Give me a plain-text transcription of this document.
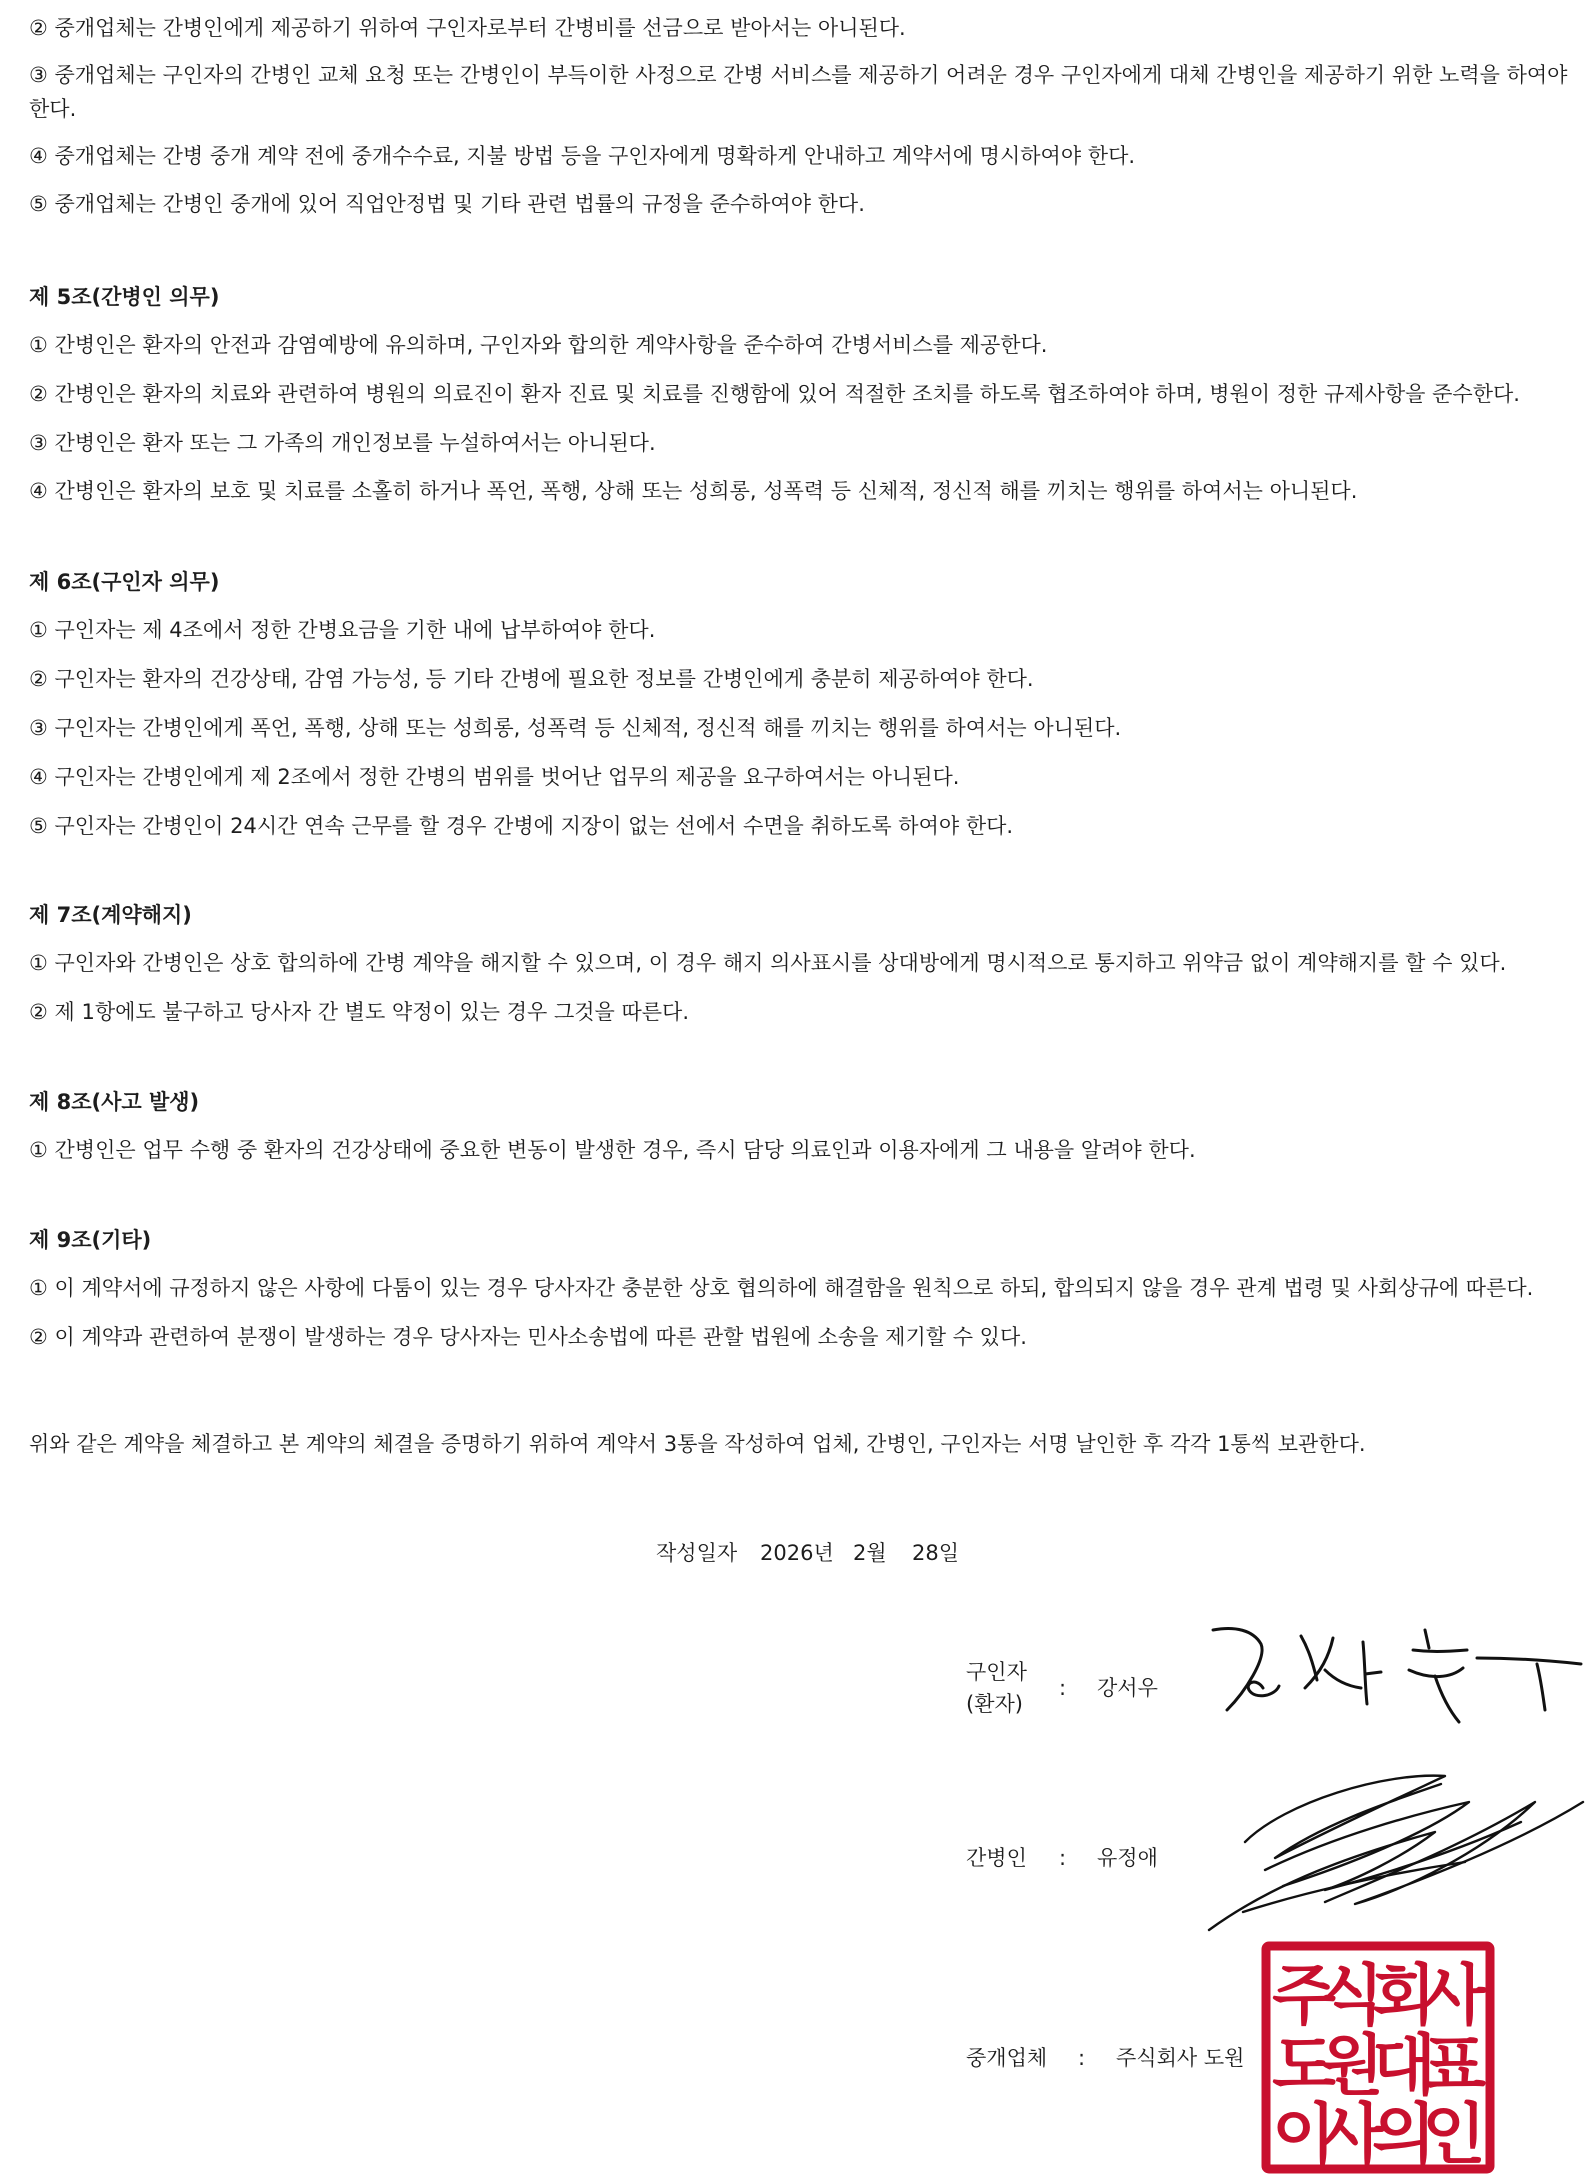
② 중개업체는 간병인에게 제공하기 위하여 구인자로부터 간병비를 선금으로 받아서는 아니된다.
③ 중개업체는 구인자의 간병인 교체 요청 또는 간병인이 부득이한 사정으로 간병 서비스를 제공하기 어려운 경우 구인자에게 대체 간병인을 제공하기 위한 노력을 하여야 한다.
④ 중개업체는 간병 중개 계약 전에 중개수수료, 지불 방법 등을 구인자에게 명확하게 안내하고 계약서에 명시하여야 한다.
⑤ 중개업체는 간병인 중개에 있어 직업안정법 및 기타 관련 법률의 규정을 준수하여야 한다.
제 5조(간병인 의무)
① 간병인은 환자의 안전과 감염예방에 유의하며, 구인자와 합의한 계약사항을 준수하여 간병서비스를 제공한다.
② 간병인은 환자의 치료와 관련하여 병원의 의료진이 환자 진료 및 치료를 진행함에 있어 적절한 조치를 하도록 협조하여야 하며, 병원이 정한 규제사항을 준수한다.
③ 간병인은 환자 또는 그 가족의 개인정보를 누설하여서는 아니된다.
④ 간병인은 환자의 보호 및 치료를 소홀히 하거나 폭언, 폭행, 상해 또는 성희롱, 성폭력 등 신체적, 정신적 해를 끼치는 행위를 하여서는 아니된다.
제 6조(구인자 의무)
① 구인자는 제 4조에서 정한 간병요금을 기한 내에 납부하여야 한다.
② 구인자는 환자의 건강상태, 감염 가능성, 등 기타 간병에 필요한 정보를 간병인에게 충분히 제공하여야 한다.
③ 구인자는 간병인에게 폭언, 폭행, 상해 또는 성희롱, 성폭력 등 신체적, 정신적 해를 끼치는 행위를 하여서는 아니된다.
④ 구인자는 간병인에게 제 2조에서 정한 간병의 범위를 벗어난 업무의 제공을 요구하여서는 아니된다.
⑤ 구인자는 간병인이 24시간 연속 근무를 할 경우 간병에 지장이 없는 선에서 수면을 취하도록 하여야 한다.
제 7조(계약해지)
① 구인자와 간병인은 상호 합의하에 간병 계약을 해지할 수 있으며, 이 경우 해지 의사표시를 상대방에게 명시적으로 통지하고 위약금 없이 계약해지를 할 수 있다.
② 제 1항에도 불구하고 당사자 간 별도 약정이 있는 경우 그것을 따른다.
제 8조(사고 발생)
① 간병인은 업무 수행 중 환자의 건강상태에 중요한 변동이 발생한 경우, 즉시 담당 의료인과 이용자에게 그 내용을 알려야 한다.
제 9조(기타)
① 이 계약서에 규정하지 않은 사항에 다툼이 있는 경우 당사자간 충분한 상호 협의하에 해결함을 원칙으로 하되, 합의되지 않을 경우 관계 법령 및 사회상규에 따른다.
② 이 계약과 관련하여 분쟁이 발생하는 경우 당사자는 민사소송법에 따른 관할 법원에 소송을 제기할 수 있다.
위와 같은 계약을 체결하고 본 계약의 체결을 증명하기 위하여 계약서 3통을 작성하여 업체, 간병인, 구인자는 서명 날인한 후 각각 1통씩 보관한다.
작성일자 2026년 2월 28일
구인자
(환자)
: 강서우
간병인 : 유정애
중개업체 : 주식회사 도원
주
식
회
사
도
원
대
표
이
사
의
인
